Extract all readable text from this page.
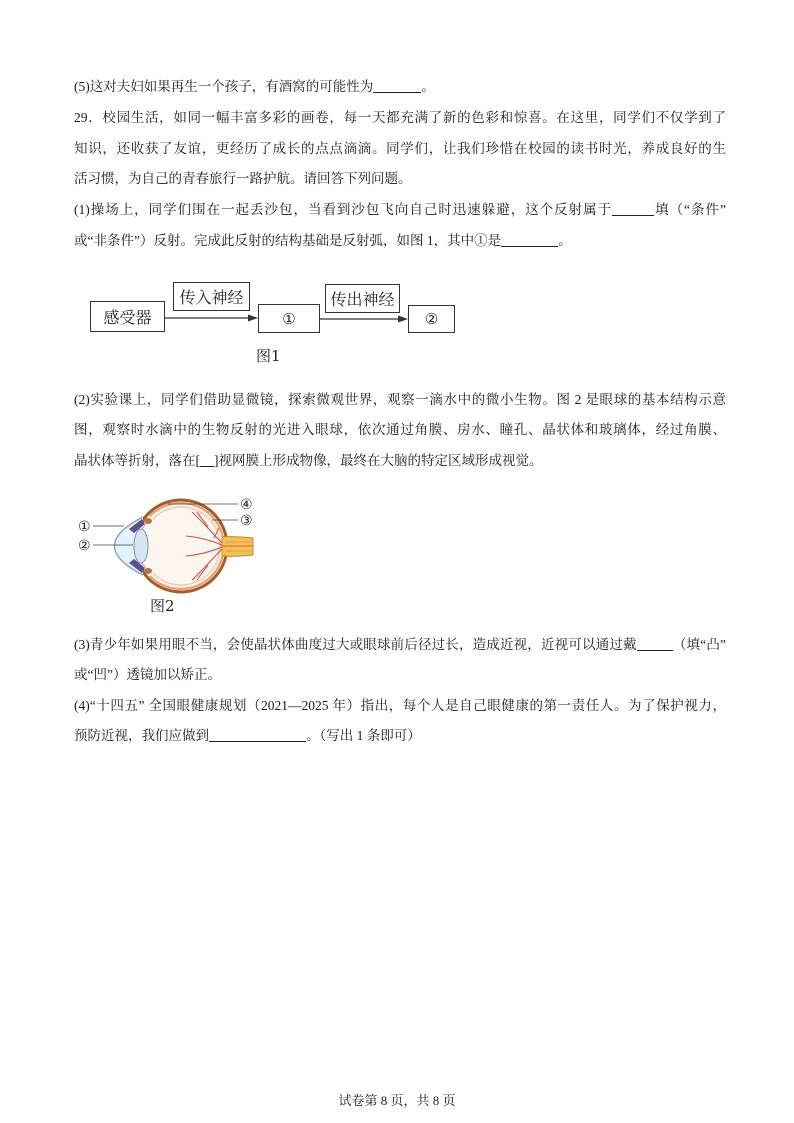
(5)这对夫妇如果再生一个孩子，有酒窝的可能性为	。
29．校园生活，如同一幅丰富多彩的画卷，每一天都充满了新的色彩和惊喜。在这里，同学们不仅学到了
知识，还收获了友谊，更经历了成长的点点滴滴。同学们，让我们珍惜在校园的读书时光，养成良好的生
活习惯，为自己的青春旅行一路护航。请回答下列问题。
(1)操场上，同学们围在一起丢沙包，当看到沙包飞向自己时迅速躲避，这个反射属于	填（“条件”
或“非条件”）反射。完成此反射的结构基础是反射弧，如图 1，其中①是	。
感受器
传入神经
①
传出神经
②
图1
(2)实验课上，同学们借助显微镜，探索微观世界，观察一滴水中的微小生物。图 2 是眼球的基本结构示意
图，观察时水滴中的生物反射的光进入眼球，依次通过角膜、房水、瞳孔、晶状体和玻璃体，经过角膜、
晶状体等折射，落在[ ]视网膜上形成物像，最终在大脑的特定区域形成视觉。
④
③
①
②
图2
(3)青少年如果用眼不当，会使晶状体曲度过大或眼球前后径过长，造成近视，近视可以通过戴	（填“凸”
或“凹”）透镜加以矫正。
(4)“十四五” 全国眼健康规划（2021—2025 年）指出，每个人是自己眼健康的第一责任人。为了保护视力，
预防近视，我们应做到	。（写出 1 条即可）
试卷第 8 页，共 8 页
